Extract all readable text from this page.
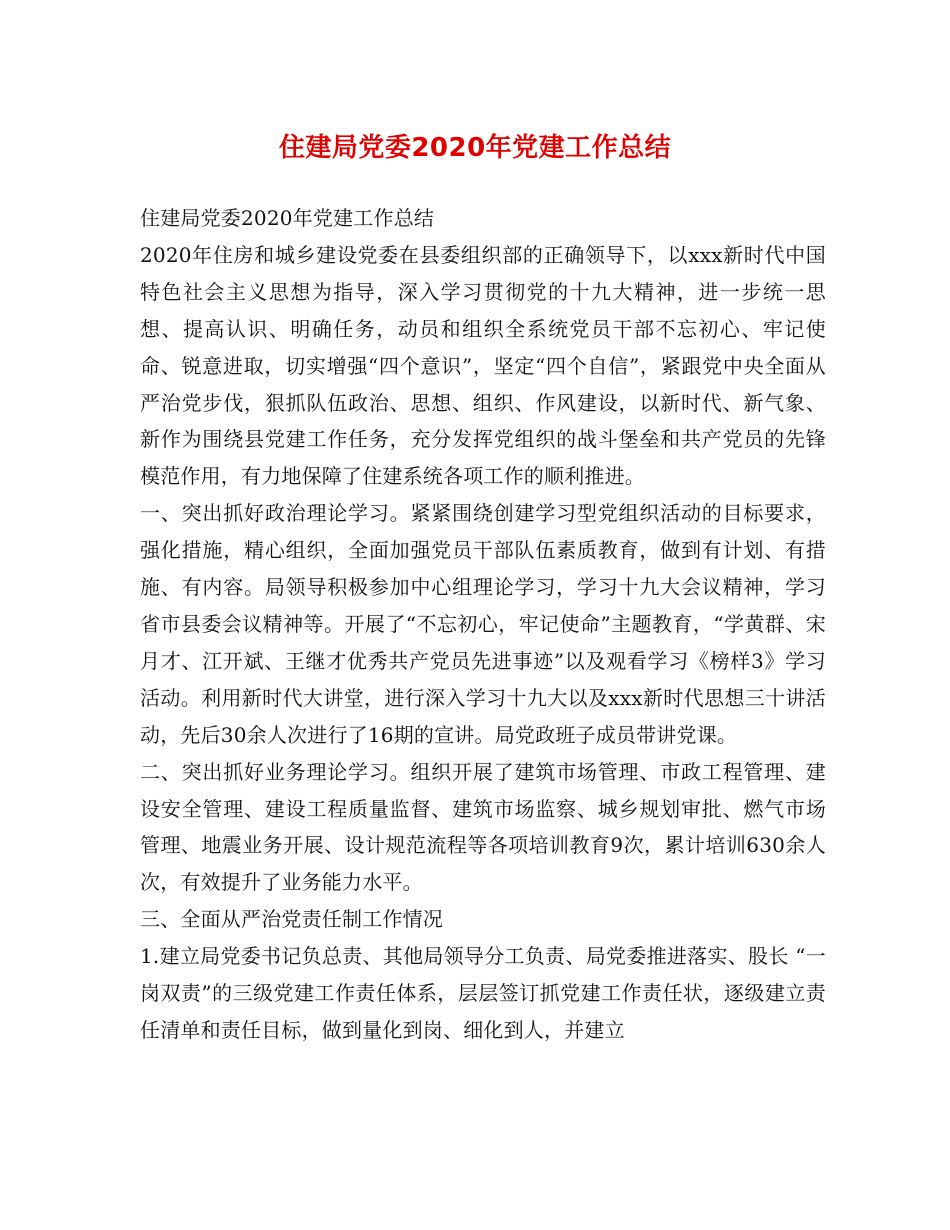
住建局党委2020年党建工作总结

住建局党委2020年党建工作总结

2020年住房和城乡建设党委在县委组织部的正确领导下，以xxx新时代中国特色社会主义思想为指导，深入学习贯彻党的十九大精神，进一步统一思想、提高认识、明确任务，动员和组织全系统党员干部不忘初心、牢记使命、锐意进取，切实增强“四个意识”，坚定“四个自信”，紧跟党中央全面从严治党步伐，狠抓队伍政治、思想、组织、作风建设，以新时代、新气象、新作为围绕县党建工作任务，充分发挥党组织的战斗堡垒和共产党员的先锋模范作用，有力地保障了住建系统各项工作的顺利推进。

一、突出抓好政治理论学习。紧紧围绕创建学习型党组织活动的目标要求，强化措施，精心组织，全面加强党员干部队伍素质教育，做到有计划、有措施、有内容。局领导积极参加中心组理论学习，学习十九大会议精神，学习省市县委会议精神等。开展了“不忘初心，牢记使命”主题教育，“学黄群、宋月才、江开斌、王继才优秀共产党员先进事迹”以及观看学习《榜样3》学习活动。利用新时代大讲堂，进行深入学习十九大以及xxx新时代思想三十讲活动，先后30余人次进行了16期的宣讲。局党政班子成员带讲党课。

二、突出抓好业务理论学习。组织开展了建筑市场管理、市政工程管理、建设安全管理、建设工程质量监督、建筑市场监察、城乡规划审批、燃气市场管理、地震业务开展、设计规范流程等各项培训教育9次，累计培训630余人次，有效提升了业务能力水平。

三、全面从严治党责任制工作情况

1.建立局党委书记负总责、其他局领导分工负责、局党委推进落实、股长 “一岗双责”的三级党建工作责任体系，层层签订抓党建工作责任状，逐级建立责任清单和责任目标，做到量化到岗、细化到人，并建立
